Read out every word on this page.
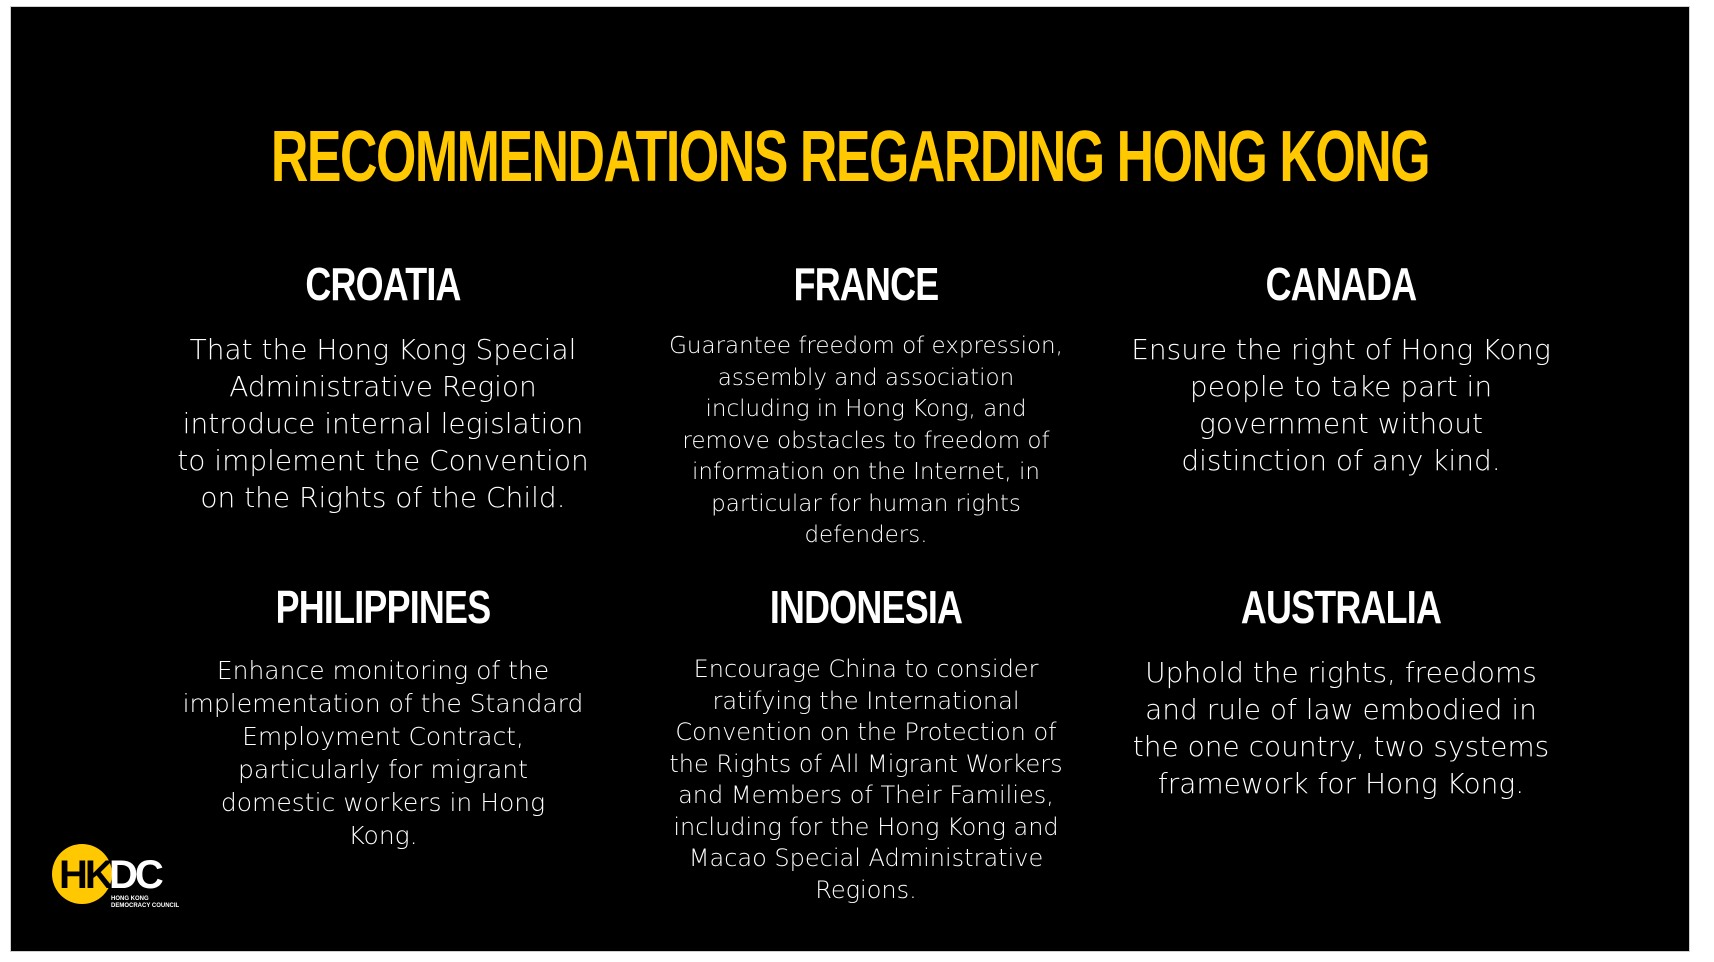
RECOMMENDATIONS REGARDING HONG KONG
CROATIA
That the Hong Kong Special
Administrative Region
introduce internal legislation
to implement the Convention
on the Rights of the Child.
FRANCE
Guarantee freedom of expression,
assembly and association
including in Hong Kong, and
remove obstacles to freedom of
information on the Internet, in
particular for human rights
defenders.
CANADA
Ensure the right of Hong Kong
people to take part in
government without
distinction of any kind.
PHILIPPINES
Enhance monitoring of the
implementation of the Standard
Employment Contract,
particularly for migrant
domestic workers in Hong
Kong.
INDONESIA
Encourage China to consider
ratifying the International
Convention on the Protection of
the Rights of All Migrant Workers
and Members of Their Families,
including for the Hong Kong and
Macao Special Administrative
Regions.
AUSTRALIA
Uphold the rights, freedoms
and rule of law embodied in
the one country, two systems
framework for Hong Kong.
HK
DC
HONG KONG
DEMOCRACY COUNCIL
